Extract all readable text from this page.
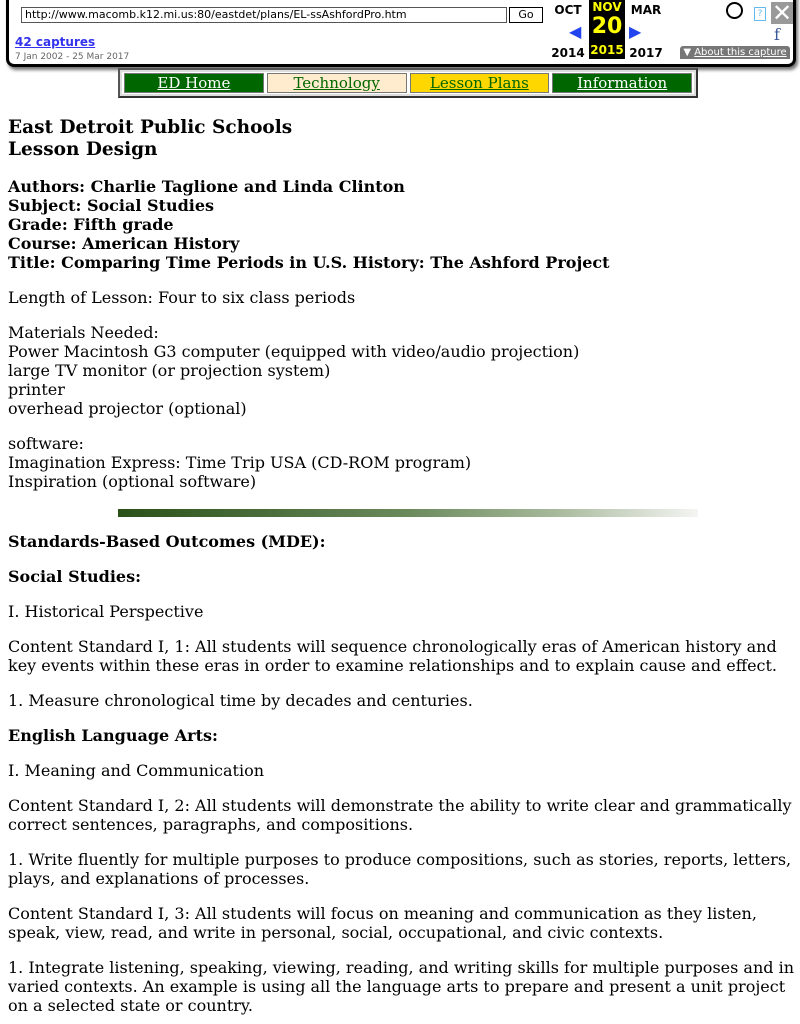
http://www.macomb.k12.mi.us:80/eastdet/plans/EL-ssAshfordPro.htm	Go
42 captures
7 Jan 2002 - 25 Mar 2017
OCT
2014
◀
NOV
20
2015
▶
MAR
2017
? ✕
f
▼ About this capture
ED Home	Technology	Lesson Plans	Information
East Detroit Public Schools
Lesson Design
Authors: Charlie Taglione and Linda Clinton
Subject: Social Studies
Grade: Fifth grade
Course: American History
Title: Comparing Time Periods in U.S. History: The Ashford Project
Length of Lesson: Four to six class periods
Materials Needed:
Power Macintosh G3 computer (equipped with video/audio projection)
large TV monitor (or projection system)
printer
overhead projector (optional)
software:
Imagination Express: Time Trip USA (CD-ROM program)
Inspiration (optional software)
Standards-Based Outcomes (MDE):
Social Studies:
I. Historical Perspective
Content Standard I, 1: All students will sequence chronologically eras of American history and
key events within these eras in order to examine relationships and to explain cause and effect.
1. Measure chronological time by decades and centuries.
English Language Arts:
I. Meaning and Communication
Content Standard I, 2: All students will demonstrate the ability to write clear and grammatically
correct sentences, paragraphs, and compositions.
1. Write fluently for multiple purposes to produce compositions, such as stories, reports, letters,
plays, and explanations of processes.
Content Standard I, 3: All students will focus on meaning and communication as they listen,
speak, view, read, and write in personal, social, occupational, and civic contexts.
1. Integrate listening, speaking, viewing, reading, and writing skills for multiple purposes and in
varied contexts. An example is using all the language arts to prepare and present a unit project
on a selected state or country.
